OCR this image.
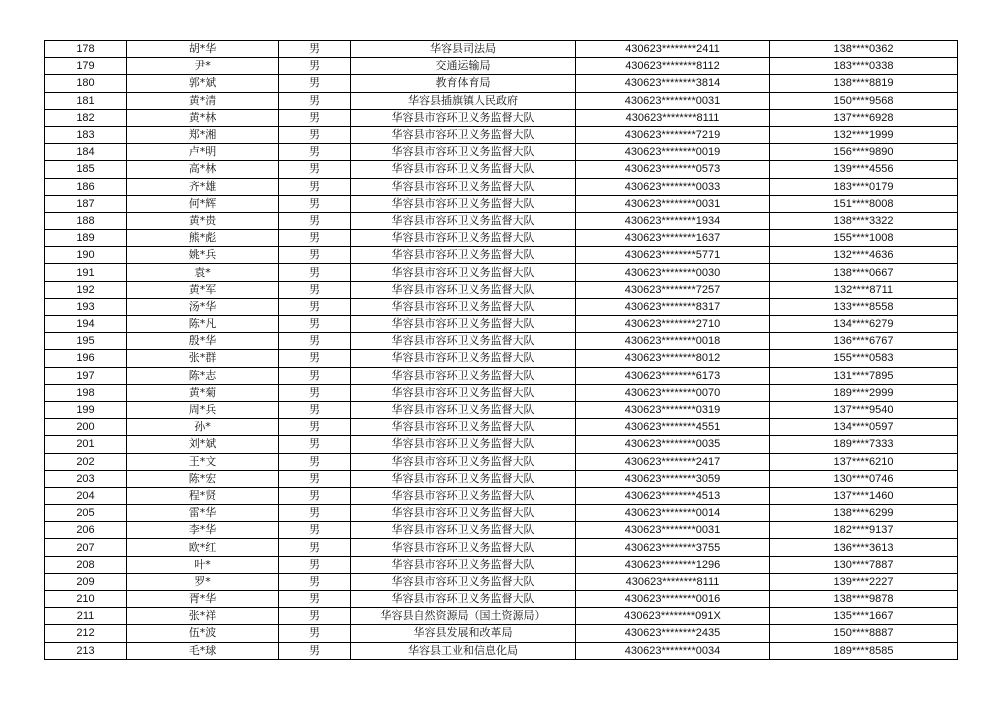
178	胡*华	男	华容县司法局	430623********2411	138****0362
179	尹*	男	交通运输局	430623********8112	183****0338
180	郭*斌	男	教育体育局	430623********3814	138****8819
181	黄*清	男	华容县插旗镇人民政府	430623********0031	150****9568
182	黄*林	男	华容县市容环卫义务监督大队	430623********8111	137****6928
183	郑*湘	男	华容县市容环卫义务监督大队	430623********7219	132****1999
184	卢*明	男	华容县市容环卫义务监督大队	430623********0019	156****9890
185	高*林	男	华容县市容环卫义务监督大队	430623********0573	139****4556
186	齐*雄	男	华容县市容环卫义务监督大队	430623********0033	183****0179
187	何*辉	男	华容县市容环卫义务监督大队	430623********0031	151****8008
188	黄*贵	男	华容县市容环卫义务监督大队	430623********1934	138****3322
189	熊*彪	男	华容县市容环卫义务监督大队	430623********1637	155****1008
190	姚*兵	男	华容县市容环卫义务监督大队	430623********5771	132****4636
191	袁*	男	华容县市容环卫义务监督大队	430623********0030	138****0667
192	黄*军	男	华容县市容环卫义务监督大队	430623********7257	132****8711
193	汤*华	男	华容县市容环卫义务监督大队	430623********8317	133****8558
194	陈*凡	男	华容县市容环卫义务监督大队	430623********2710	134****6279
195	殷*华	男	华容县市容环卫义务监督大队	430623********0018	136****6767
196	张*群	男	华容县市容环卫义务监督大队	430623********8012	155****0583
197	陈*志	男	华容县市容环卫义务监督大队	430623********6173	131****7895
198	黄*菊	男	华容县市容环卫义务监督大队	430623********0070	189****2999
199	周*兵	男	华容县市容环卫义务监督大队	430623********0319	137****9540
200	孙*	男	华容县市容环卫义务监督大队	430623********4551	134****0597
201	刘*斌	男	华容县市容环卫义务监督大队	430623********0035	189****7333
202	王*文	男	华容县市容环卫义务监督大队	430623********2417	137****6210
203	陈*宏	男	华容县市容环卫义务监督大队	430623********3059	130****0746
204	程*贤	男	华容县市容环卫义务监督大队	430623********4513	137****1460
205	雷*华	男	华容县市容环卫义务监督大队	430623********0014	138****6299
206	李*华	男	华容县市容环卫义务监督大队	430623********0031	182****9137
207	欧*红	男	华容县市容环卫义务监督大队	430623********3755	136****3613
208	叶*	男	华容县市容环卫义务监督大队	430623********1296	130****7887
209	罗*	男	华容县市容环卫义务监督大队	430623********8111	139****2227
210	胥*华	男	华容县市容环卫义务监督大队	430623********0016	138****9878
211	张*祥	男	华容县自然资源局（国土资源局）	430623********091X	135****1667
212	伍*波	男	华容县发展和改革局	430623********2435	150****8887
213	毛*球	男	华容县工业和信息化局	430623********0034	189****8585
